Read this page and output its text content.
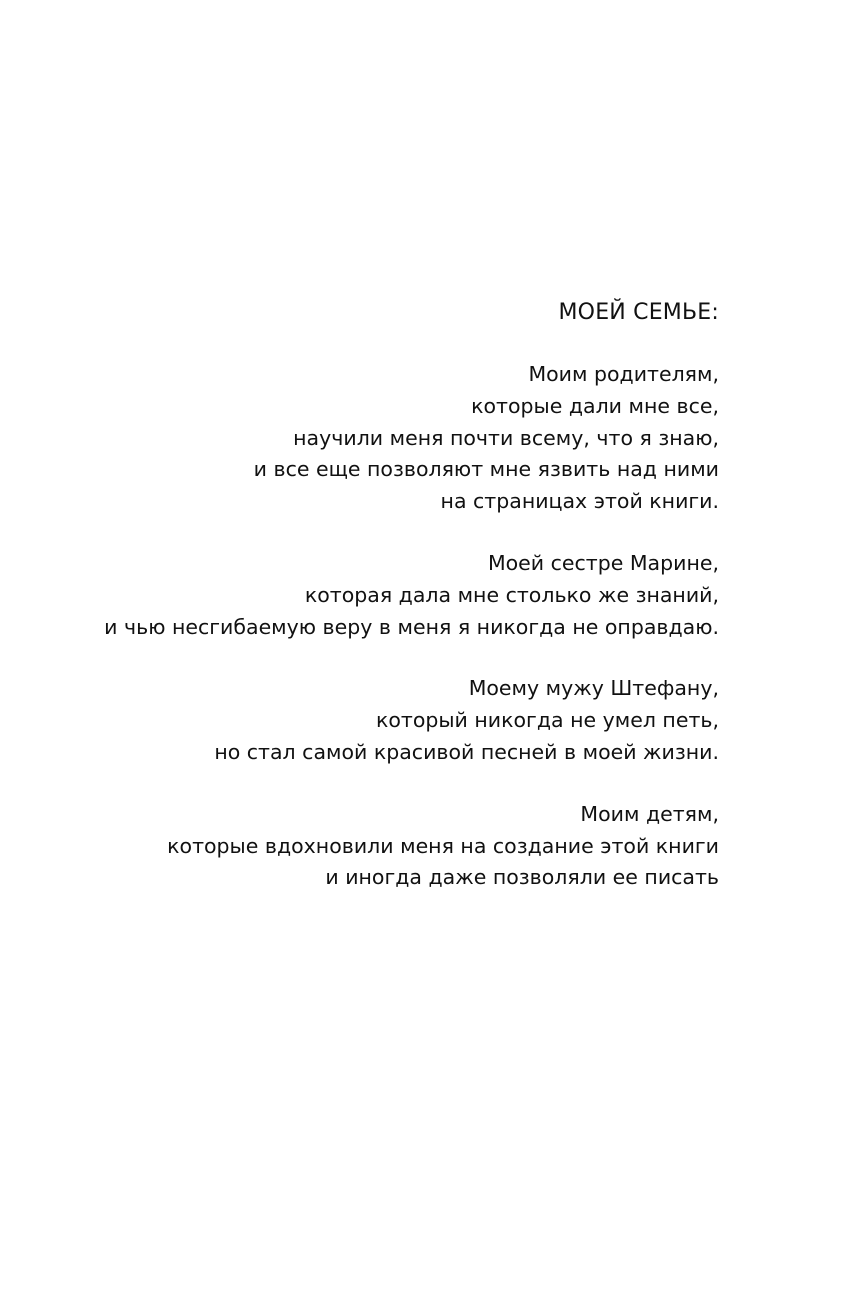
МОЕЙ СЕМЬЕ:
Моим родителям,
которые дали мне все,
научили меня почти всему, что я знаю,
и все еще позволяют мне язвить над ними
на страницах этой книги.
Моей сестре Марине,
которая дала мне столько же знаний,
и чью несгибаемую веру в меня я никогда не оправдаю.
Моему мужу Штефану,
который никогда не умел петь,
но стал самой красивой песней в моей жизни.
Моим детям,
которые вдохновили меня на создание этой книги
и иногда даже позволяли ее писать
